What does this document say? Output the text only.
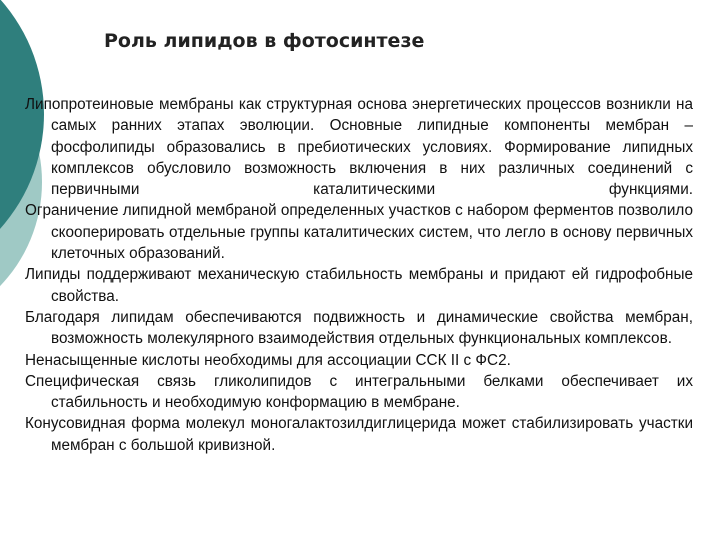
Роль липидов в фотосинтезе

Липопротеиновые мембраны как структурная основа энергетических процессов возникли на самых ранних этапах эволюции. Основные липидные компоненты мембран – фосфолипиды образовались в пребиотических условиях. Формирование липидных комплексов обусловило возможность включения в них различных соединений с первичными каталитическими функциями.

Ограничение липидной мембраной определенных участков с набором ферментов позволило скооперировать отдельные группы каталитических систем, что легло в основу первичных клеточных образований.

Липиды поддерживают механическую стабильность мембраны и придают ей гидрофобные свойства.

Благодаря липидам обеспечиваются подвижность и динамические свойства мембран, возможность молекулярного взаимодействия отдельных функциональных комплексов.

Ненасыщенные кислоты необходимы для ассоциации ССК II с ФС2.

Специфическая связь гликолипидов с интегральными белками обеспечивает их стабильность и необходимую конформацию в мембране.

Конусовидная форма молекул моногалактозилдиглицерида может стабилизировать участки мембран с большой кривизной.
